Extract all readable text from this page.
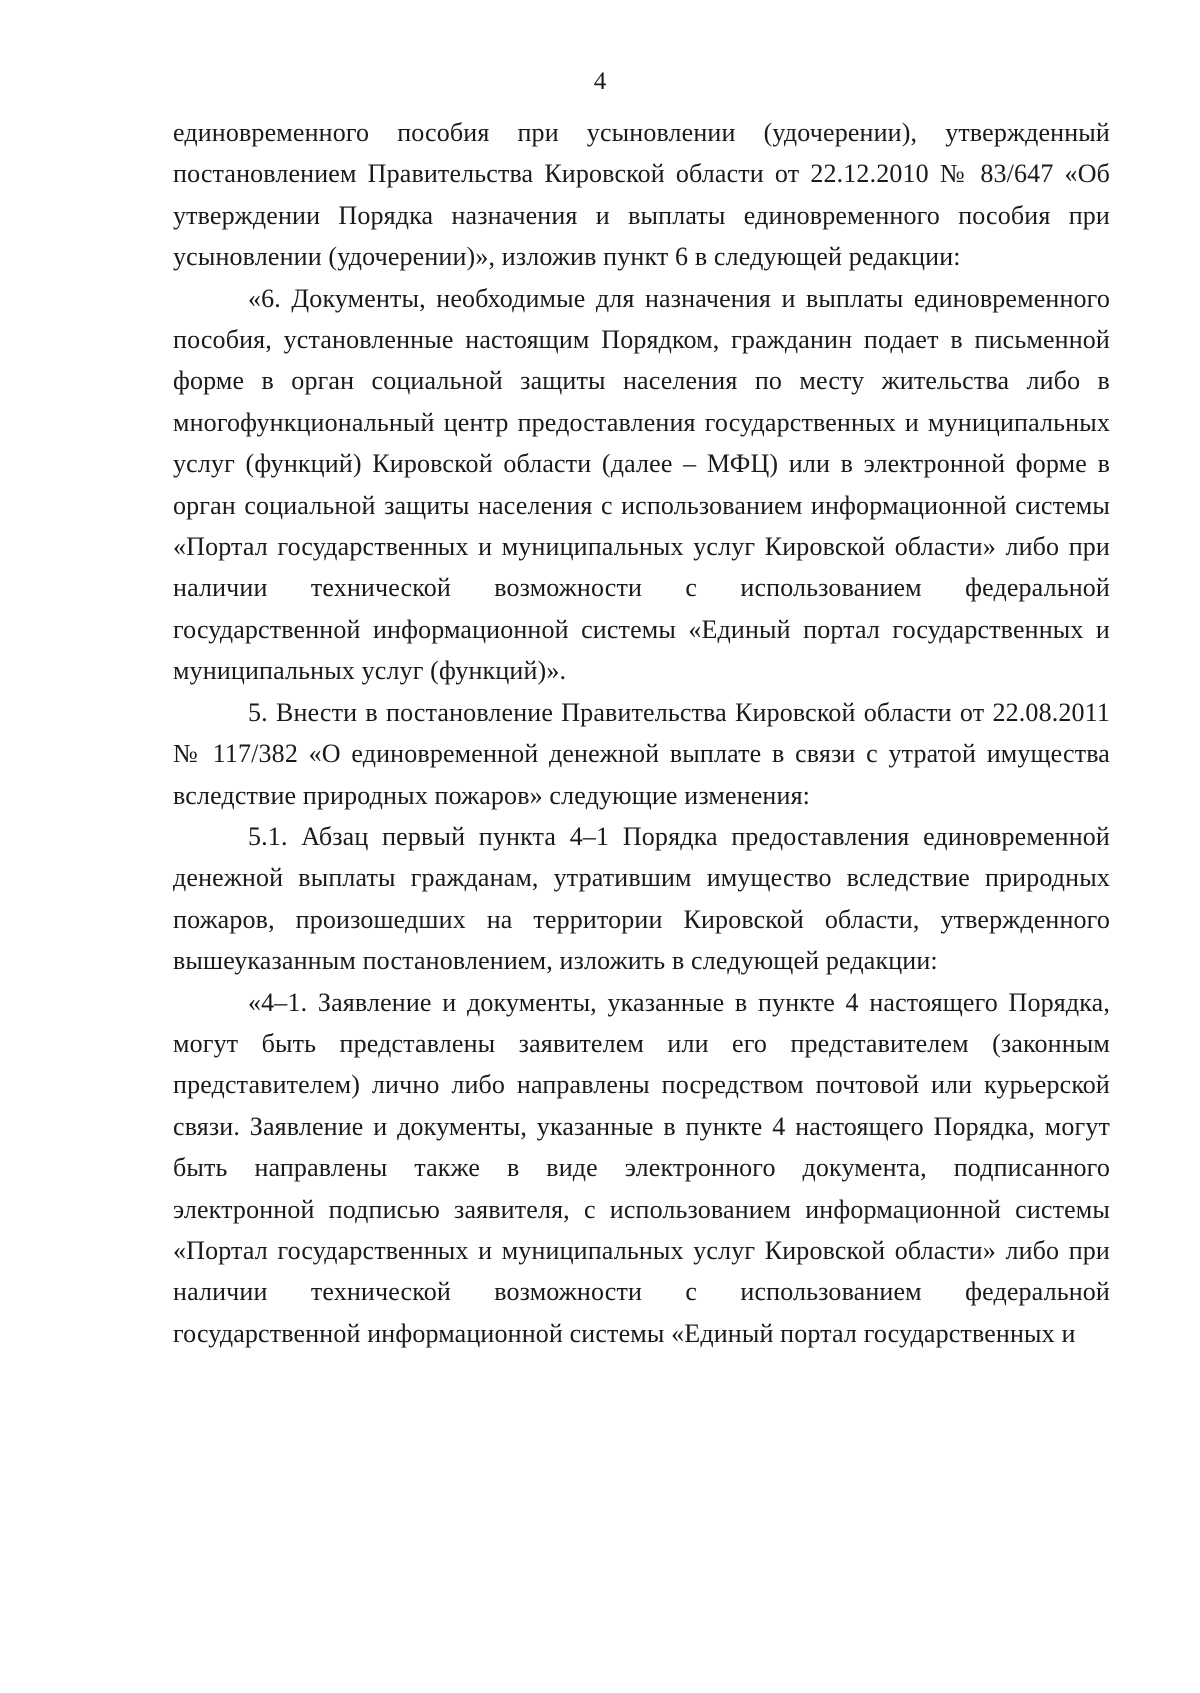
4

единовременного пособия при усыновлении (удочерении), утвержденный постановлением Правительства Кировской области от 22.12.2010 № 83/647 «Об утверждении Порядка назначения и выплаты единовременного пособия при усыновлении (удочерении)», изложив пункт 6 в следующей редакции:

«6. Документы, необходимые для назначения и выплаты единовременного пособия, установленные настоящим Порядком, гражданин подает в письменной форме в орган социальной защиты населения по месту жительства либо в многофункциональный центр предоставления государственных и муниципальных услуг (функций) Кировской области (далее – МФЦ) или в электронной форме в орган социальной защиты населения с использованием информационной системы «Портал государственных и муниципальных услуг Кировской области» либо при наличии технической возможности с использованием федеральной государственной информационной системы «Единый портал государственных и муниципальных услуг (функций)».

5. Внести в постановление Правительства Кировской области от 22.08.2011 № 117/382 «О единовременной денежной выплате в связи с утратой имущества вследствие природных пожаров» следующие изменения:

5.1. Абзац первый пункта 4–1 Порядка предоставления единовременной денежной выплаты гражданам, утратившим имущество вследствие природных пожаров, произошедших на территории Кировской области, утвержденного вышеуказанным постановлением, изложить в следующей редакции:

«4–1. Заявление и документы, указанные в пункте 4 настоящего Порядка, могут быть представлены заявителем или его представителем (законным представителем) лично либо направлены посредством почтовой или курьерской связи. Заявление и документы, указанные в пункте 4 настоящего Порядка, могут быть направлены также в виде электронного документа, подписанного электронной подписью заявителя, с использованием информационной системы «Портал государственных и муниципальных услуг Кировской области» либо при наличии технической возможности с использованием федеральной государственной информационной системы «Единый портал государственных и
